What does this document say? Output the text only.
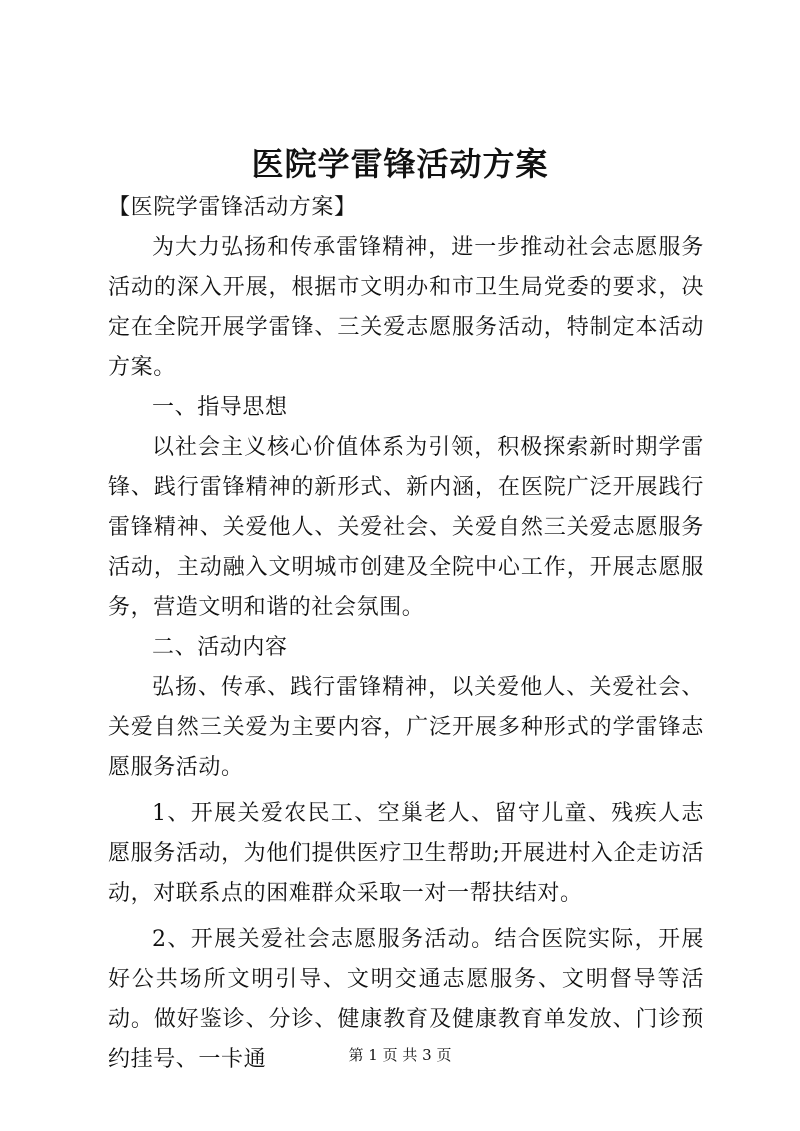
医院学雷锋活动方案

【医院学雷锋活动方案】

为大力弘扬和传承雷锋精神，进一步推动社会志愿服务活动的深入开展，根据市文明办和市卫生局党委的要求，决定在全院开展学雷锋、三关爱志愿服务活动，特制定本活动方案。

一、指导思想

以社会主义核心价值体系为引领，积极探索新时期学雷锋、践行雷锋精神的新形式、新内涵，在医院广泛开展践行雷锋精神、关爱他人、关爱社会、关爱自然三关爱志愿服务活动，主动融入文明城市创建及全院中心工作，开展志愿服务，营造文明和谐的社会氛围。

二、活动内容

弘扬、传承、践行雷锋精神，以关爱他人、关爱社会、关爱自然三关爱为主要内容，广泛开展多种形式的学雷锋志愿服务活动。

1、开展关爱农民工、空巢老人、留守儿童、残疾人志愿服务活动，为他们提供医疗卫生帮助;开展进村入企走访活动，对联系点的困难群众采取一对一帮扶结对。

2、开展关爱社会志愿服务活动。结合医院实际，开展好公共场所文明引导、文明交通志愿服务、文明督导等活动。做好鉴诊、分诊、健康教育及健康教育单发放、门诊预约挂号、一卡通	第 1 页 共 3 页
